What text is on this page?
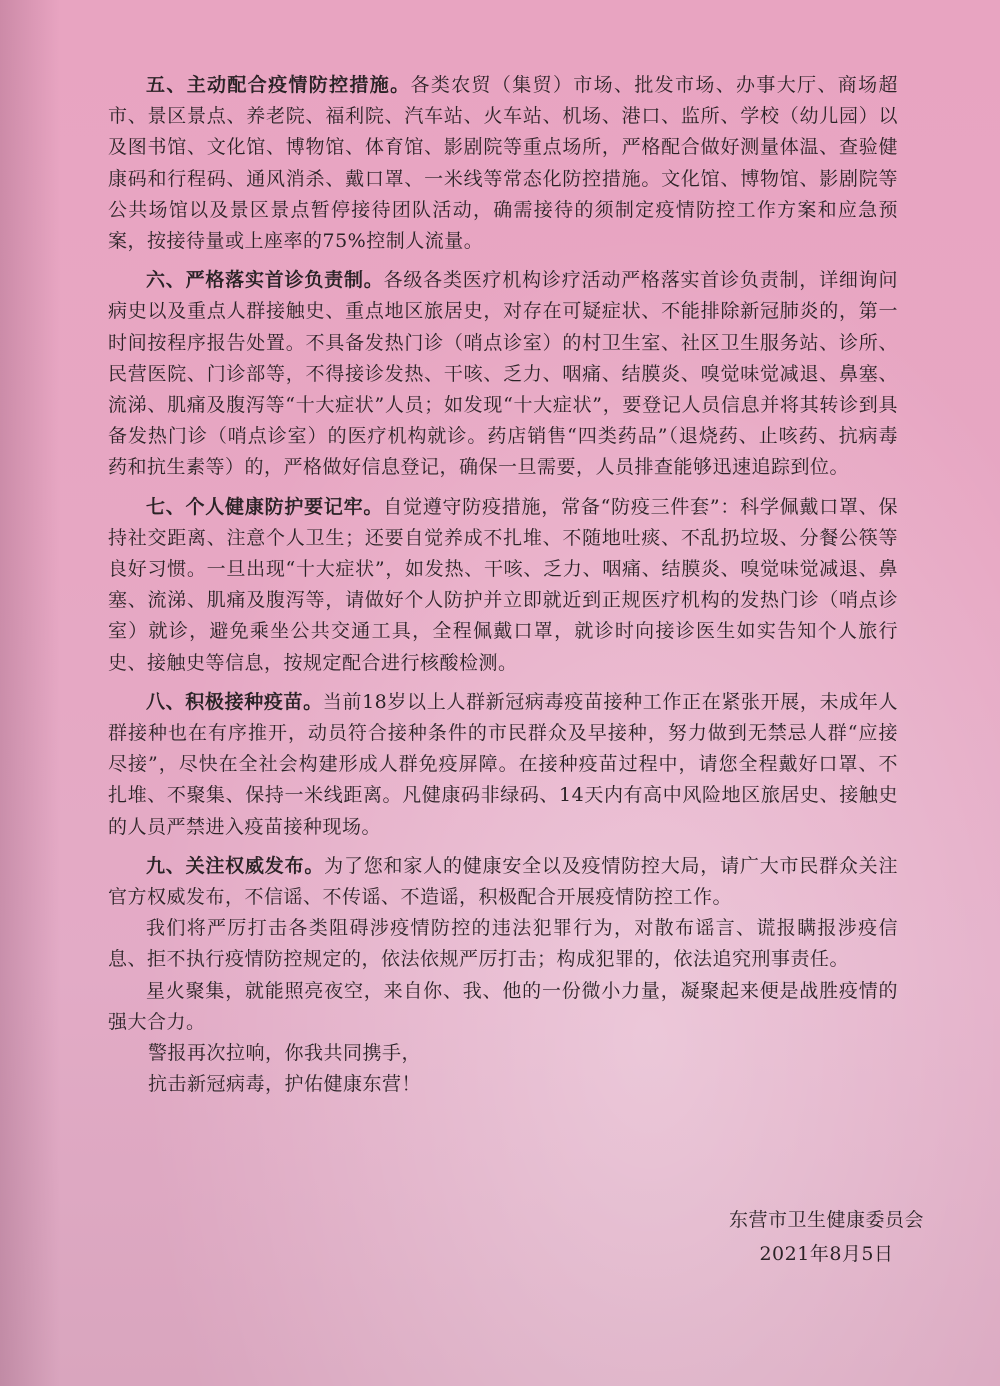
五、主动配合疫情防控措施。各类农贸（集贸）市场、批发市场、办事大厅、商场超市、景区景点、养老院、福利院、汽车站、火车站、机场、港口、监所、学校（幼儿园）以及图书馆、文化馆、博物馆、体育馆、影剧院等重点场所，严格配合做好测量体温、查验健康码和行程码、通风消杀、戴口罩、一米线等常态化防控措施。文化馆、博物馆、影剧院等公共场馆以及景区景点暂停接待团队活动，确需接待的须制定疫情防控工作方案和应急预案，按接待量或上座率的75%控制人流量。

六、严格落实首诊负责制。各级各类医疗机构诊疗活动严格落实首诊负责制，详细询问病史以及重点人群接触史、重点地区旅居史，对存在可疑症状、不能排除新冠肺炎的，第一时间按程序报告处置。不具备发热门诊（哨点诊室）的村卫生室、社区卫生服务站、诊所、民营医院、门诊部等，不得接诊发热、干咳、乏力、咽痛、结膜炎、嗅觉味觉减退、鼻塞、流涕、肌痛及腹泻等“十大症状”人员；如发现“十大症状”，要登记人员信息并将其转诊到具备发热门诊（哨点诊室）的医疗机构就诊。药店销售“四类药品”（退烧药、止咳药、抗病毒药和抗生素等）的，严格做好信息登记，确保一旦需要，人员排查能够迅速追踪到位。

七、个人健康防护要记牢。自觉遵守防疫措施，常备“防疫三件套”：科学佩戴口罩、保持社交距离、注意个人卫生；还要自觉养成不扎堆、不随地吐痰、不乱扔垃圾、分餐公筷等良好习惯。一旦出现“十大症状”，如发热、干咳、乏力、咽痛、结膜炎、嗅觉味觉减退、鼻塞、流涕、肌痛及腹泻等，请做好个人防护并立即就近到正规医疗机构的发热门诊（哨点诊室）就诊，避免乘坐公共交通工具，全程佩戴口罩，就诊时向接诊医生如实告知个人旅行史、接触史等信息，按规定配合进行核酸检测。

八、积极接种疫苗。当前18岁以上人群新冠病毒疫苗接种工作正在紧张开展，未成年人群接种也在有序推开，动员符合接种条件的市民群众及早接种，努力做到无禁忌人群“应接尽接”，尽快在全社会构建形成人群免疫屏障。在接种疫苗过程中，请您全程戴好口罩、不扎堆、不聚集、保持一米线距离。凡健康码非绿码、14天内有高中风险地区旅居史、接触史的人员严禁进入疫苗接种现场。

九、关注权威发布。为了您和家人的健康安全以及疫情防控大局，请广大市民群众关注官方权威发布，不信谣、不传谣、不造谣，积极配合开展疫情防控工作。

我们将严厉打击各类阻碍涉疫情防控的违法犯罪行为，对散布谣言、谎报瞒报涉疫信息、拒不执行疫情防控规定的，依法依规严厉打击；构成犯罪的，依法追究刑事责任。

星火聚集，就能照亮夜空，来自你、我、他的一份微小力量，凝聚起来便是战胜疫情的强大合力。

警报再次拉响，你我共同携手，

抗击新冠病毒，护佑健康东营！

东营市卫生健康委员会
2021年8月5日
